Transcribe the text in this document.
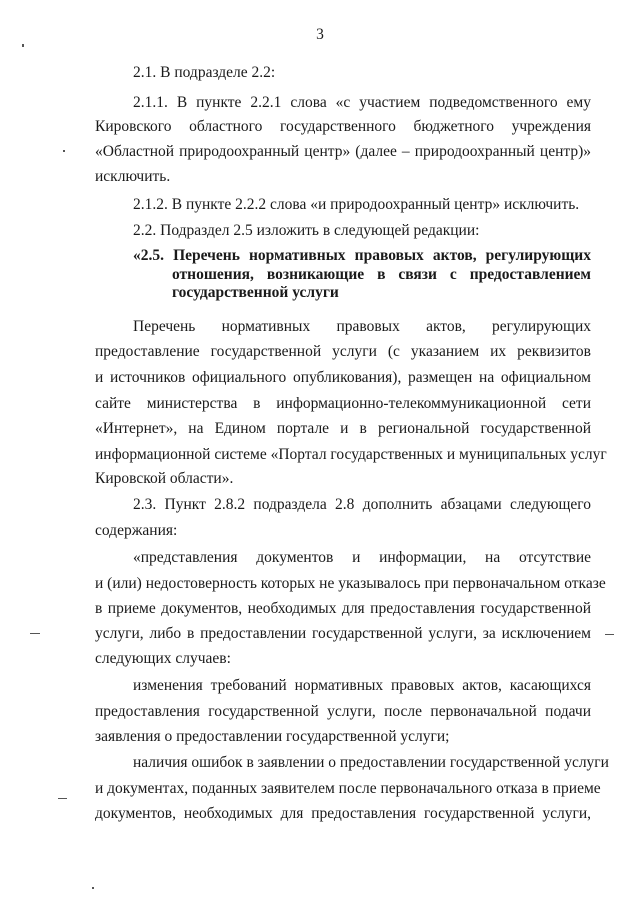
3
2.1. В подразделе 2.2:
2.1.1. В пункте 2.2.1 слова «с участием подведомственного ему
Кировского областного государственного бюджетного учреждения
«Областной природоохранный центр» (далее – природоохранный центр)»
исключить.
2.1.2. В пункте 2.2.2 слова «и природоохранный центр» исключить.
2.2. Подраздел 2.5 изложить в следующей редакции:
«2.5. Перечень нормативных правовых актов, регулирующих
отношения, возникающие в связи с предоставлением
государственной услуги
Перечень нормативных правовых актов, регулирующих
предоставление государственной услуги (с указанием их реквизитов
и источников официального опубликования), размещен на официальном
сайте министерства в информационно-телекоммуникационной сети
«Интернет», на Едином портале и в региональной государственной
информационной системе «Портал государственных и муниципальных услуг
Кировской области».
2.3. Пункт 2.8.2 подраздела 2.8 дополнить абзацами следующего
содержания:
«представления документов и информации, на отсутствие
и (или) недостоверность которых не указывалось при первоначальном отказе
в приеме документов, необходимых для предоставления государственной
услуги, либо в предоставлении государственной услуги, за исключением
следующих случаев:
изменения требований нормативных правовых актов, касающихся
предоставления государственной услуги, после первоначальной подачи
заявления о предоставлении государственной услуги;
наличия ошибок в заявлении о предоставлении государственной услуги
и документах, поданных заявителем после первоначального отказа в приеме
документов, необходимых для предоставления государственной услуги,
